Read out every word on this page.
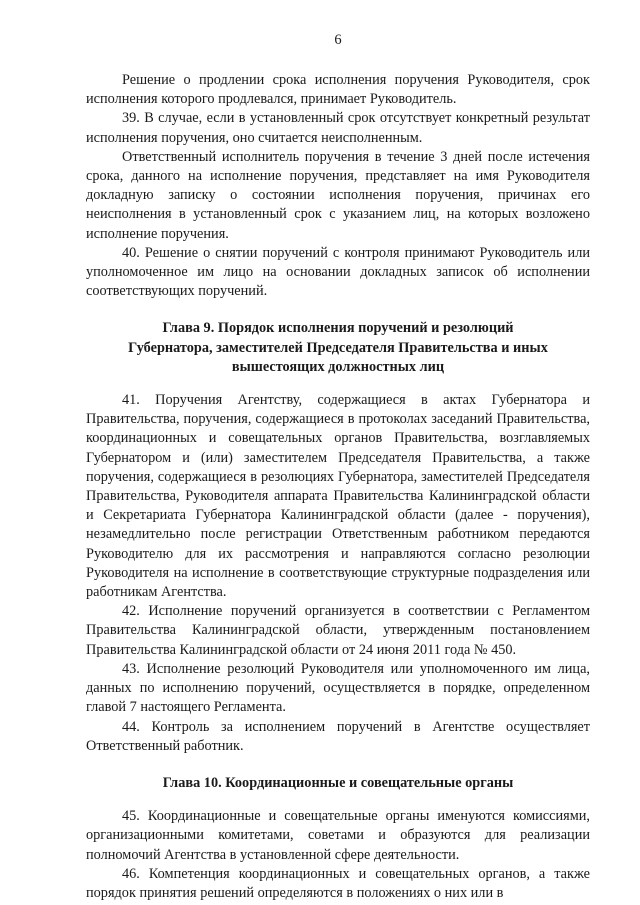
6

Решение о продлении срока исполнения поручения Руководителя, срок исполнения которого продлевался, принимает Руководитель.

39. В случае, если в установленный срок отсутствует конкретный результат исполнения поручения, оно считается неисполненным.

Ответственный исполнитель поручения в течение 3 дней после истечения срока, данного на исполнение поручения, представляет на имя Руководителя докладную записку о состоянии исполнения поручения, причинах его неисполнения в установленный срок с указанием лиц, на которых возложено исполнение поручения.

40. Решение о снятии поручений с контроля принимают Руководитель или уполномоченное им лицо на основании докладных записок об исполнении соответствующих поручений.

Глава 9. Порядок исполнения поручений и резолюций
Губернатора, заместителей Председателя Правительства и иных
вышестоящих должностных лиц

41. Поручения Агентству, содержащиеся в актах Губернатора и Правительства, поручения, содержащиеся в протоколах заседаний Правительства, координационных и совещательных органов Правительства, возглавляемых Губернатором и (или) заместителем Председателя Правительства, а также поручения, содержащиеся в резолюциях Губернатора, заместителей Председателя Правительства, Руководителя аппарата Правительства Калининградской области и Секретариата Губернатора Калининградской области (далее - поручения), незамедлительно после регистрации Ответственным работником передаются Руководителю для их рассмотрения и направляются согласно резолюции Руководителя на исполнение в соответствующие структурные подразделения или работникам Агентства.

42. Исполнение поручений организуется в соответствии с Регламентом Правительства Калининградской области, утвержденным постановлением Правительства Калининградской области от 24 июня 2011 года № 450.

43. Исполнение резолюций Руководителя или уполномоченного им лица, данных по исполнению поручений, осуществляется в порядке, определенном главой 7 настоящего Регламента.

44. Контроль за исполнением поручений в Агентстве осуществляет Ответственный работник.

Глава 10. Координационные и совещательные органы

45. Координационные и совещательные органы именуются комиссиями, организационными комитетами, советами и образуются для реализации полномочий Агентства в установленной сфере деятельности.

46. Компетенция координационных и совещательных органов, а также порядок принятия решений определяются в положениях о них или в
